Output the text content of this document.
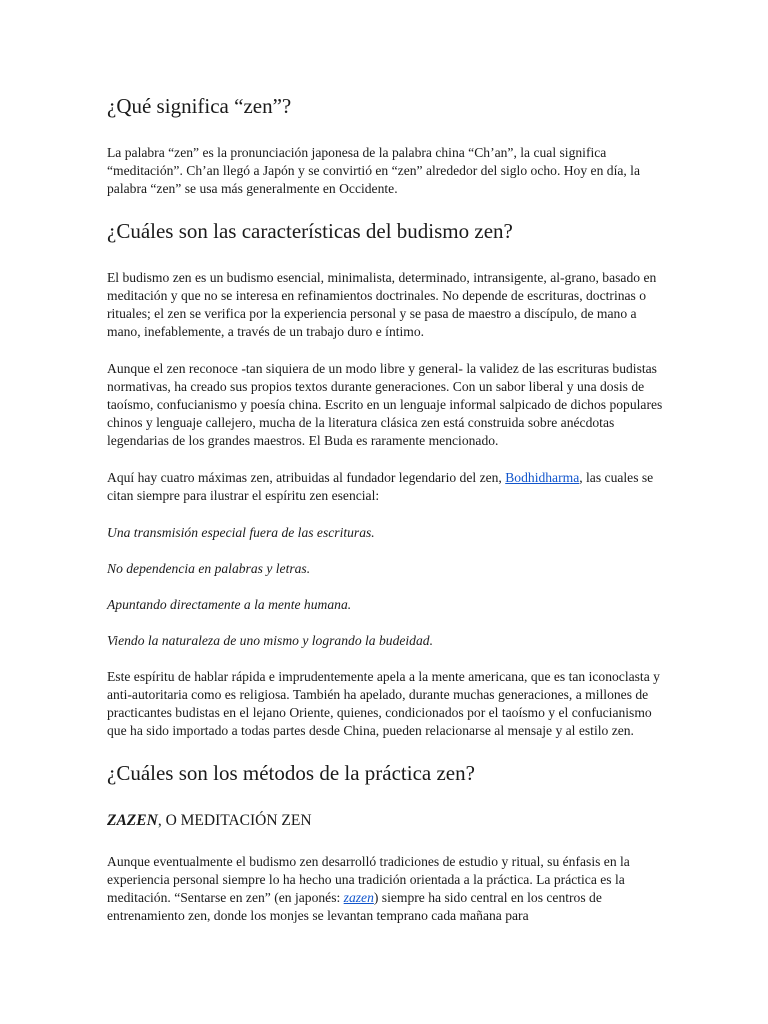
¿Qué significa “zen”?

La palabra “zen” es la pronunciación japonesa de la palabra china “Ch’an”, la cual significa “meditación”. Ch’an llegó a Japón y se convirtió en “zen” alrededor del siglo ocho. Hoy en día, la palabra “zen” se usa más generalmente en Occidente.

¿Cuáles son las características del budismo zen?

El budismo zen es un budismo esencial, minimalista, determinado, intransigente, al-grano, basado en meditación y que no se interesa en refinamientos doctrinales. No depende de escrituras, doctrinas o rituales; el zen se verifica por la experiencia personal y se pasa de maestro a discípulo, de mano a mano, inefablemente, a través de un trabajo duro e íntimo.

Aunque el zen reconoce -tan siquiera de un modo libre y general- la validez de las escrituras budistas normativas, ha creado sus propios textos durante generaciones. Con un sabor liberal y una dosis de taoísmo, confucianismo y poesía china. Escrito en un lenguaje informal salpicado de dichos populares chinos y lenguaje callejero, mucha de la literatura clásica zen está construida sobre anécdotas legendarias de los grandes maestros. El Buda es raramente mencionado.

Aquí hay cuatro máximas zen, atribuidas al fundador legendario del zen, Bodhidharma, las cuales se citan siempre para ilustrar el espíritu zen esencial:

Una transmisión especial fuera de las escrituras.

No dependencia en palabras y letras.

Apuntando directamente a la mente humana.

Viendo la naturaleza de uno mismo y logrando la budeidad.

Este espíritu de hablar rápida e imprudentemente apela a la mente americana, que es tan iconoclasta y anti-autoritaria como es religiosa. También ha apelado, durante muchas generaciones, a millones de practicantes budistas en el lejano Oriente, quienes, condicionados por el taoísmo y el confucianismo que ha sido importado a todas partes desde China, pueden relacionarse al mensaje y al estilo zen.

¿Cuáles son los métodos de la práctica zen?
ZAZEN, O MEDITACIÓN ZEN

Aunque eventualmente el budismo zen desarrolló tradiciones de estudio y ritual, su énfasis en la experiencia personal siempre lo ha hecho una tradición orientada a la práctica. La práctica es la meditación. “Sentarse en zen” (en japonés: zazen) siempre ha sido central en los centros de entrenamiento zen, donde los monjes se levantan temprano cada mañana para
